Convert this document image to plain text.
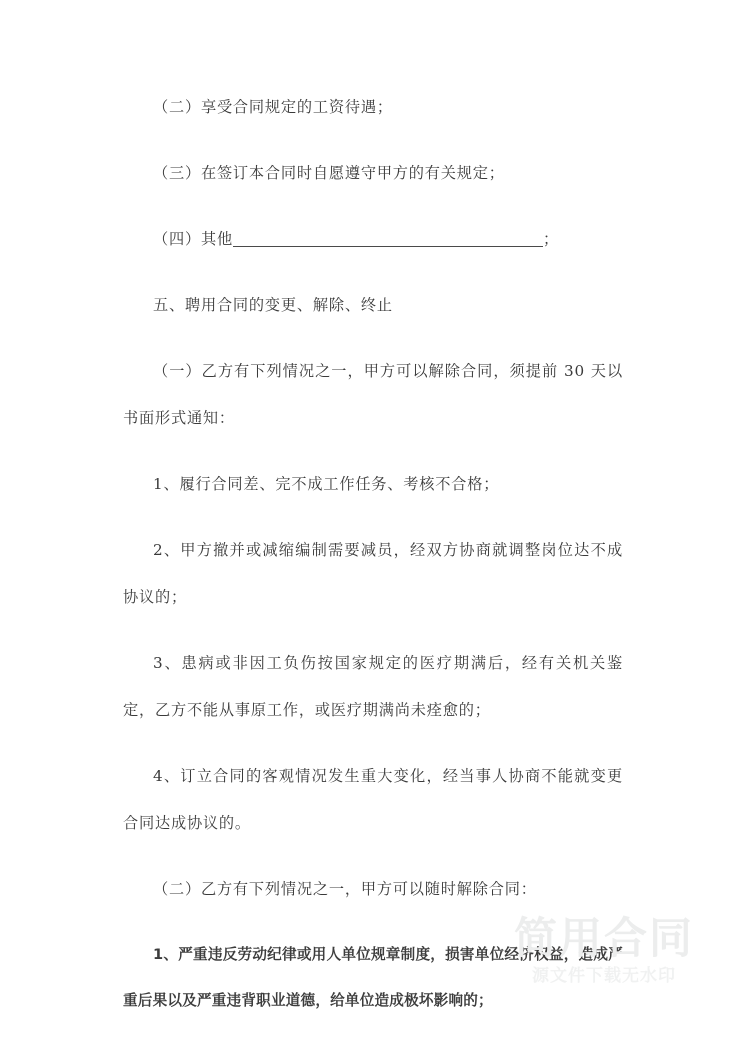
（二）享受合同规定的工资待遇；

（三）在签订本合同时自愿遵守甲方的有关规定；

（四）其他	；

五、聘用合同的变更、解除、终止

（一）乙方有下列情况之一，甲方可以解除合同，须提前 30 天以书面形式通知：

1、履行合同差、完不成工作任务、考核不合格；

2、甲方撤并或减缩编制需要减员，经双方协商就调整岗位达不成协议的；

3、患病或非因工负伤按国家规定的医疗期满后，经有关机关鉴定，乙方不能从事原工作，或医疗期满尚未痊愈的；

4、订立合同的客观情况发生重大变化，经当事人协商不能就变更合同达成协议的。

（二）乙方有下列情况之一，甲方可以随时解除合同：

1、严重违反劳动纪律或用人单位规章制度，损害单位经济权益，造成严重后果以及严重违背职业道德，给单位造成极坏影响的；

简用合同
源文件下载无水印
